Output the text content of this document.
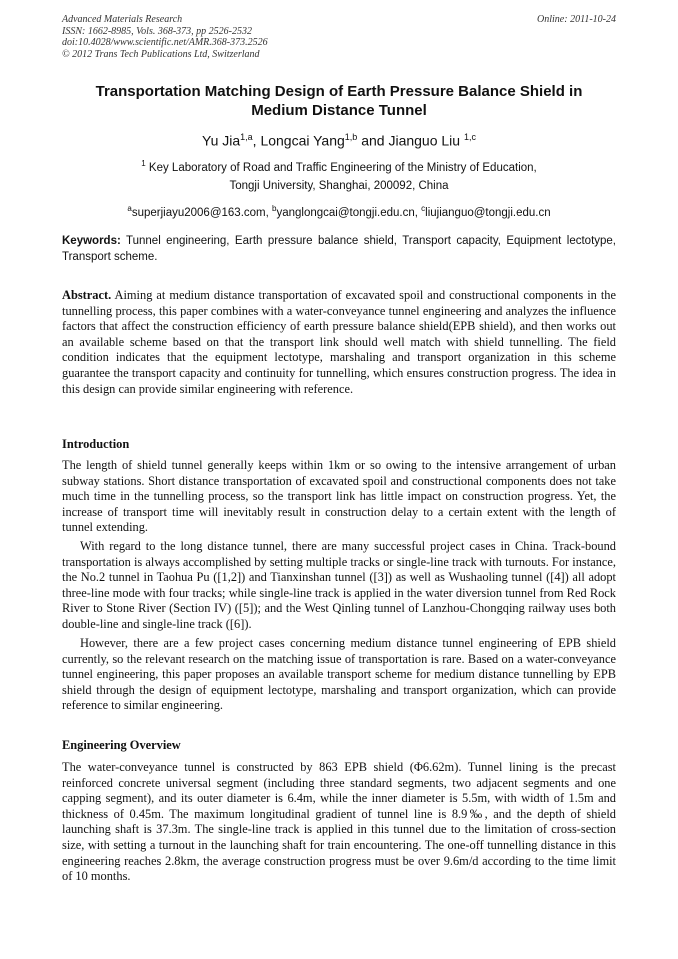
Advanced Materials Research
ISSN: 1662-8985, Vols. 368-373, pp 2526-2532
doi:10.4028/www.scientific.net/AMR.368-373.2526
© 2012 Trans Tech Publications Ltd, Switzerland
Online: 2011-10-24
Transportation Matching Design of Earth Pressure Balance Shield in
Medium Distance Tunnel
Yu Jia$^{1,a}$, Longcai Yang$^{1,b}$ and Jianguo Liu $^{1,c}$
$^1$ Key Laboratory of Road and Traffic Engineering of the Ministry of Education,
Tongji University, Shanghai, 200092, China
$^a$superjiayu2006@163.com, $^b$yanglongcai@tongji.edu.cn, $^c$liujianguo@tongji.edu.cn
Keywords: Tunnel engineering, Earth pressure balance shield, Transport capacity, Equipment lectotype, Transport scheme.
Abstract. Aiming at medium distance transportation of excavated spoil and constructional components in the tunnelling process, this paper combines with a water-conveyance tunnel engineering and analyzes the influence factors that affect the construction efficiency of earth pressure balance shield(EPB shield), and then works out an available scheme based on that the transport link should well match with shield tunnelling. The field condition indicates that the equipment lectotype, marshaling and transport organization in this scheme guarantee the transport capacity and continuity for tunnelling, which ensures construction progress. The idea in this design can provide similar engineering with reference.
Introduction

The length of shield tunnel generally keeps within 1km or so owing to the intensive arrangement of urban subway stations. Short distance transportation of excavated spoil and constructional components does not take much time in the tunnelling process, so the transport link has little impact on construction progress. Yet, the increase of transport time will inevitably result in construction delay to a certain extent with the length of tunnel extending.

With regard to the long distance tunnel, there are many successful project cases in China. Track-bound transportation is always accomplished by setting multiple tracks or single-line track with turnouts. For instance, the No.2 tunnel in Taohua Pu ([1,2]) and Tianxinshan tunnel ([3]) as well as Wushaoling tunnel ([4]) all adopt three-line mode with four tracks; while single-line track is applied in the water diversion tunnel from Red Rock River to Stone River (Section IV) ([5]); and the West Qinling tunnel of Lanzhou-Chongqing railway uses both double-line and single-line track ([6]).

However, there are a few project cases concerning medium distance tunnel engineering of EPB shield currently, so the relevant research on the matching issue of transportation is rare. Based on a water-conveyance tunnel engineering, this paper proposes an available transport scheme for medium distance tunnelling by EPB shield through the design of equipment lectotype, marshaling and transport organization, which can provide reference to similar engineering.

Engineering Overview

The water-conveyance tunnel is constructed by 863 EPB shield (Φ6.62m). Tunnel lining is the precast reinforced concrete universal segment (including three standard segments, two adjacent segments and one capping segment), and its outer diameter is 6.4m, while the inner diameter is 5.5m, with width of 1.5m and thickness of 0.45m. The maximum longitudinal gradient of tunnel line is 8.9‰, and the depth of shield launching shaft is 37.3m. The single-line track is applied in this tunnel due to the limitation of cross-section size, with setting a turnout in the launching shaft for train encountering. The one-off tunnelling distance in this engineering reaches 2.8km, the average construction progress must be over 9.6m/d according to the time limit of 10 months.
